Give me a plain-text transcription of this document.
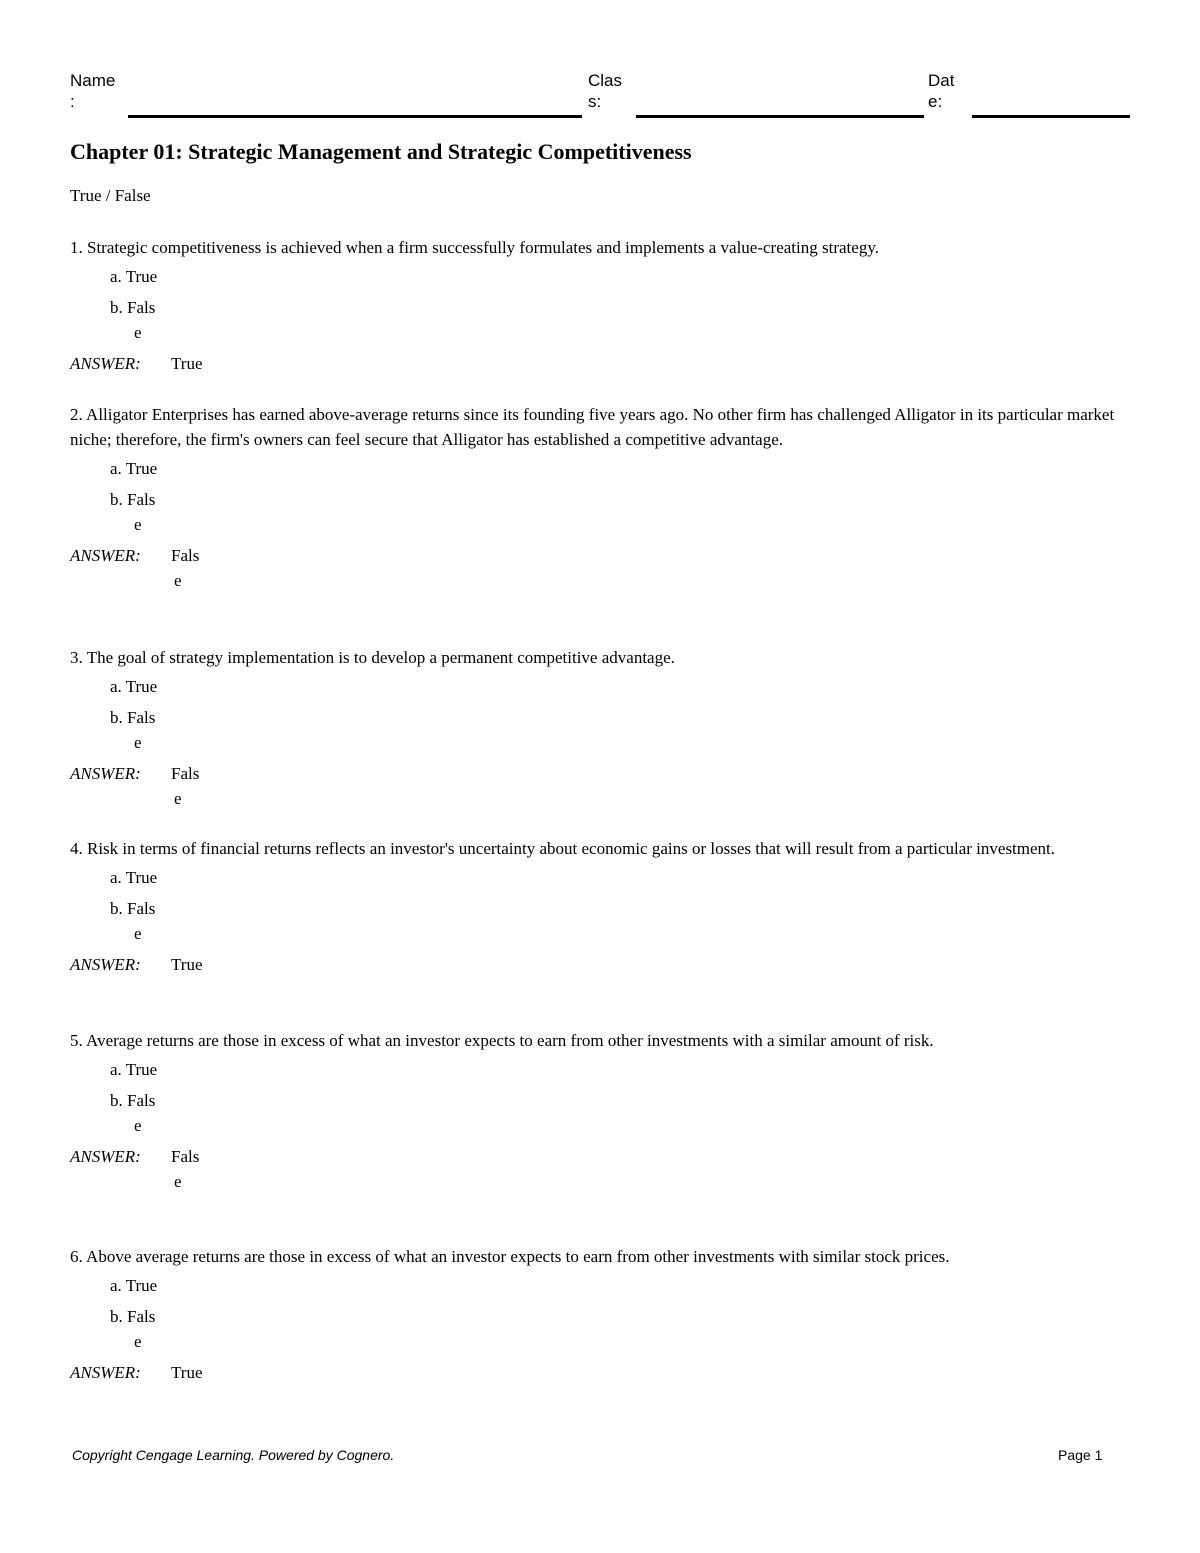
Name
:
Clas
s:
Dat
e:
Chapter 01: Strategic Management and Strategic Competitiveness
True / False

1. Strategic competitiveness is achieved when a firm successfully formulates and implements a value-creating strategy.

a. True
b. Fals
e
ANSWER:	True

2. Alligator Enterprises has earned above-average returns since its founding five years ago. No other firm has challenged Alligator in its particular market niche; therefore, the firm's owners can feel secure that Alligator has established a competitive advantage.

a. True
b. Fals
e
ANSWER:	Fals
e

3. The goal of strategy implementation is to develop a permanent competitive advantage.

a. True
b. Fals
e
ANSWER:	Fals
e

4. Risk in terms of financial returns reflects an investor's uncertainty about economic gains or losses that will result from a particular investment.

a. True
b. Fals
e
ANSWER:	True

5. Average returns are those in excess of what an investor expects to earn from other investments with a similar amount of risk.

a. True
b. Fals
e
ANSWER:	Fals
e

6. Above average returns are those in excess of what an investor expects to earn from other investments with similar stock prices.

a. True
b. Fals
e
ANSWER:	True
Copyright Cengage Learning. Powered by Cognero.	Page 1
